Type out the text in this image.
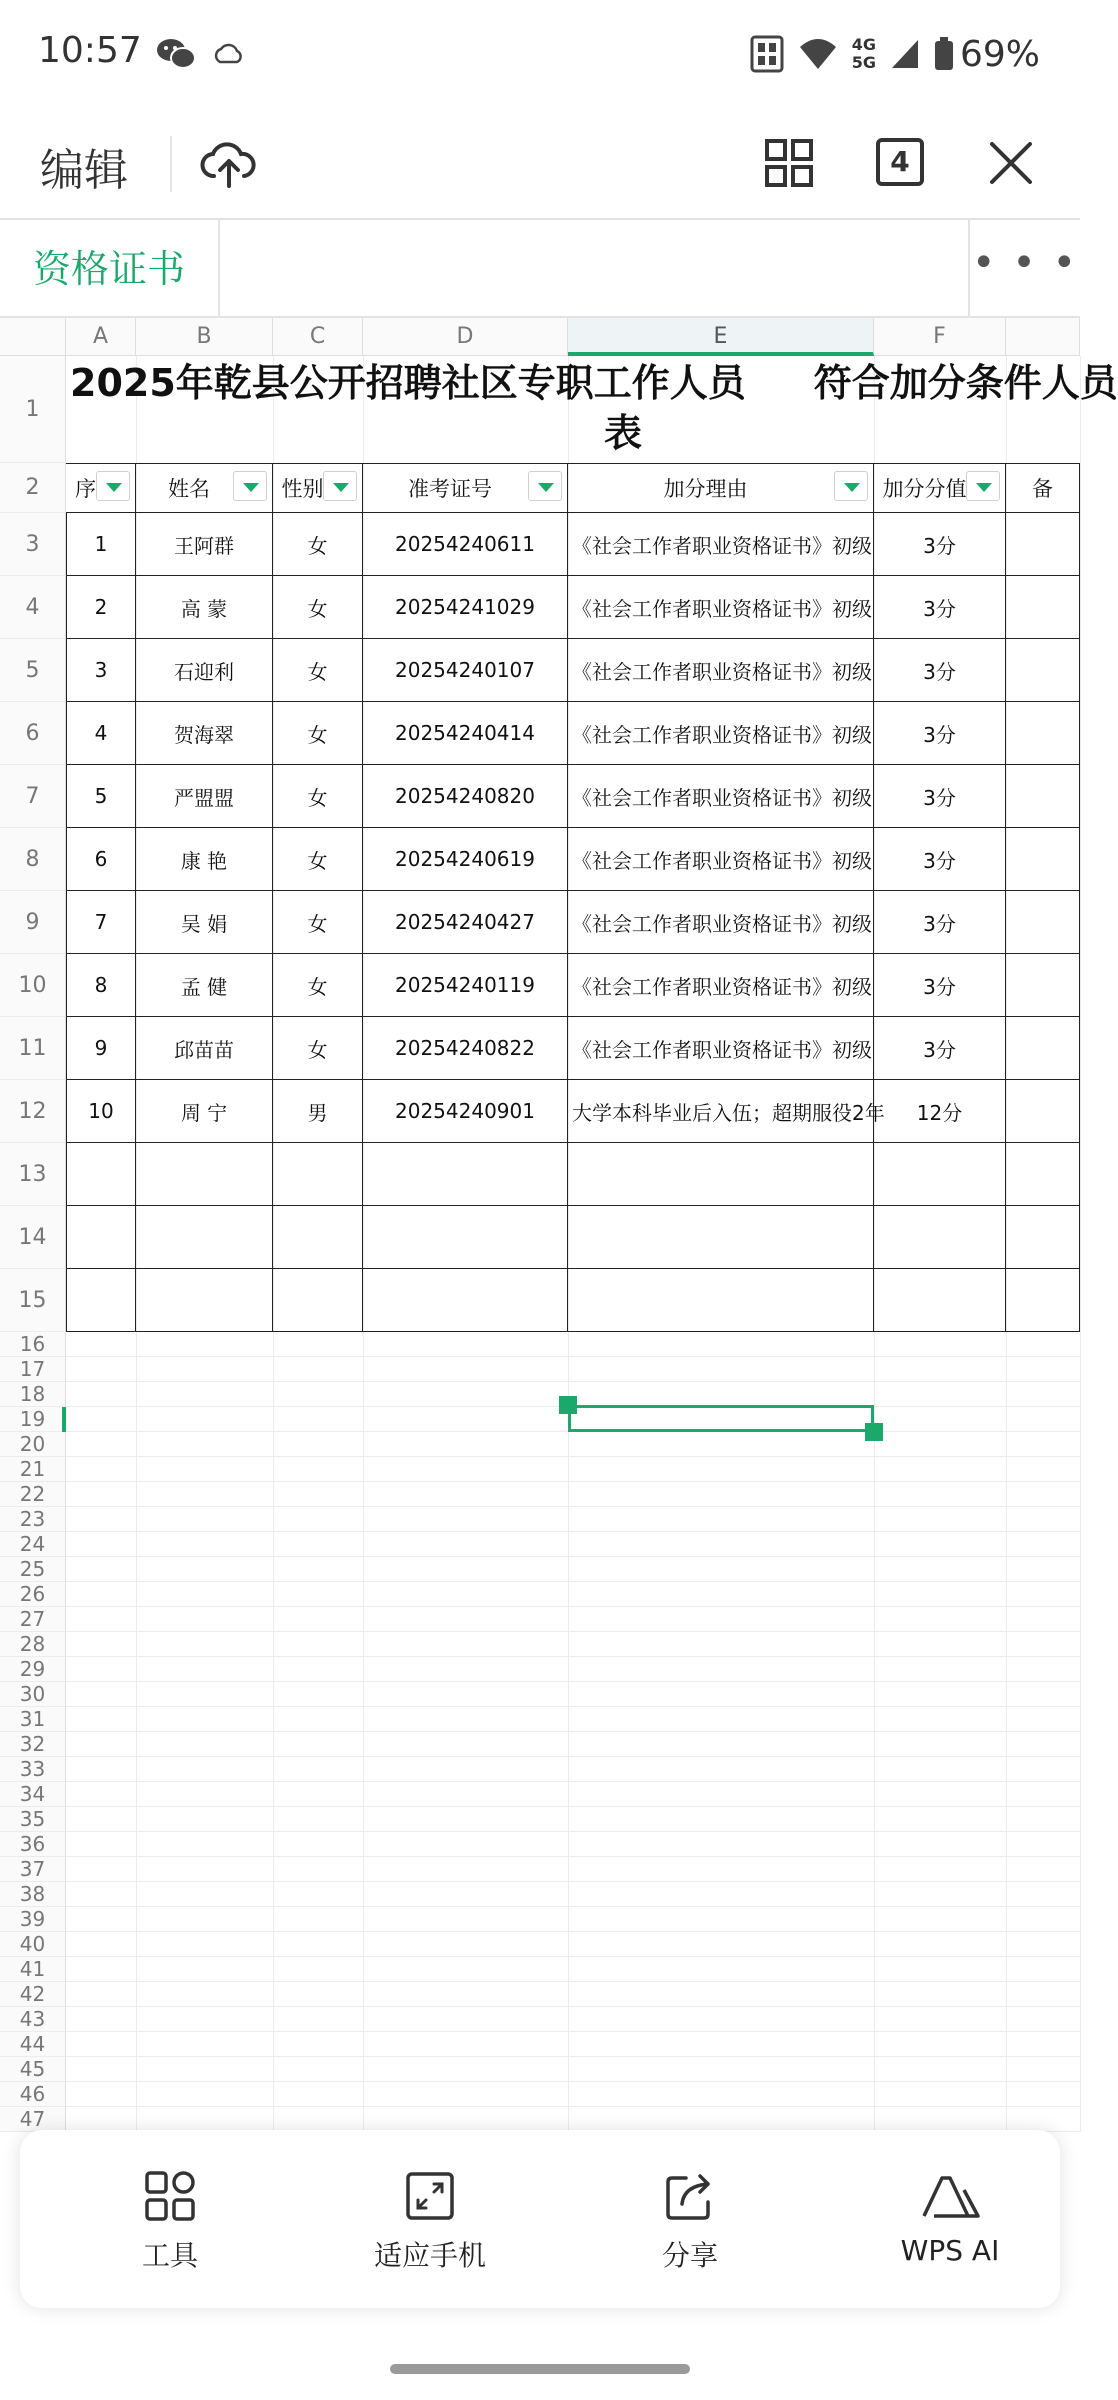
10:57	4G
5G 69%
编辑	4
资格证书	• • •
A	B	C	D	E	F
1
2
3
4
5
6
7
8
9
10
11
12
13
14
15
16
17
18
19
20
21
22
23
24
25
26
27
28
29
30
31
32
33
34
35
36
37
38
39
40
41
42
43
44
45
46
47
2025年乾县公开招聘社区专职工作人员 符合加分条件人员
表
序	姓名	性别	准考证号	加分理由	加分分值	备
1	王阿群	女	20254240611 《社会工作者职业资格证书》初级	3分
2	高 蒙	女	20254241029 《社会工作者职业资格证书》初级	3分
3	石迎利	女	20254240107 《社会工作者职业资格证书》初级	3分
4	贺海翠	女	20254240414 《社会工作者职业资格证书》初级	3分
5	严盟盟	女	20254240820 《社会工作者职业资格证书》初级	3分
6	康 艳	女	20254240619 《社会工作者职业资格证书》初级	3分
7	吴 娟	女	20254240427 《社会工作者职业资格证书》初级	3分
8	孟 健	女	20254240119 《社会工作者职业资格证书》初级	3分
9	邱苗苗	女	20254240822 《社会工作者职业资格证书》初级	3分
10	周 宁	男	20254240901 大学本科毕业后入伍；超期服役2年 12分
工具	适应手机	分享	WPS AI
